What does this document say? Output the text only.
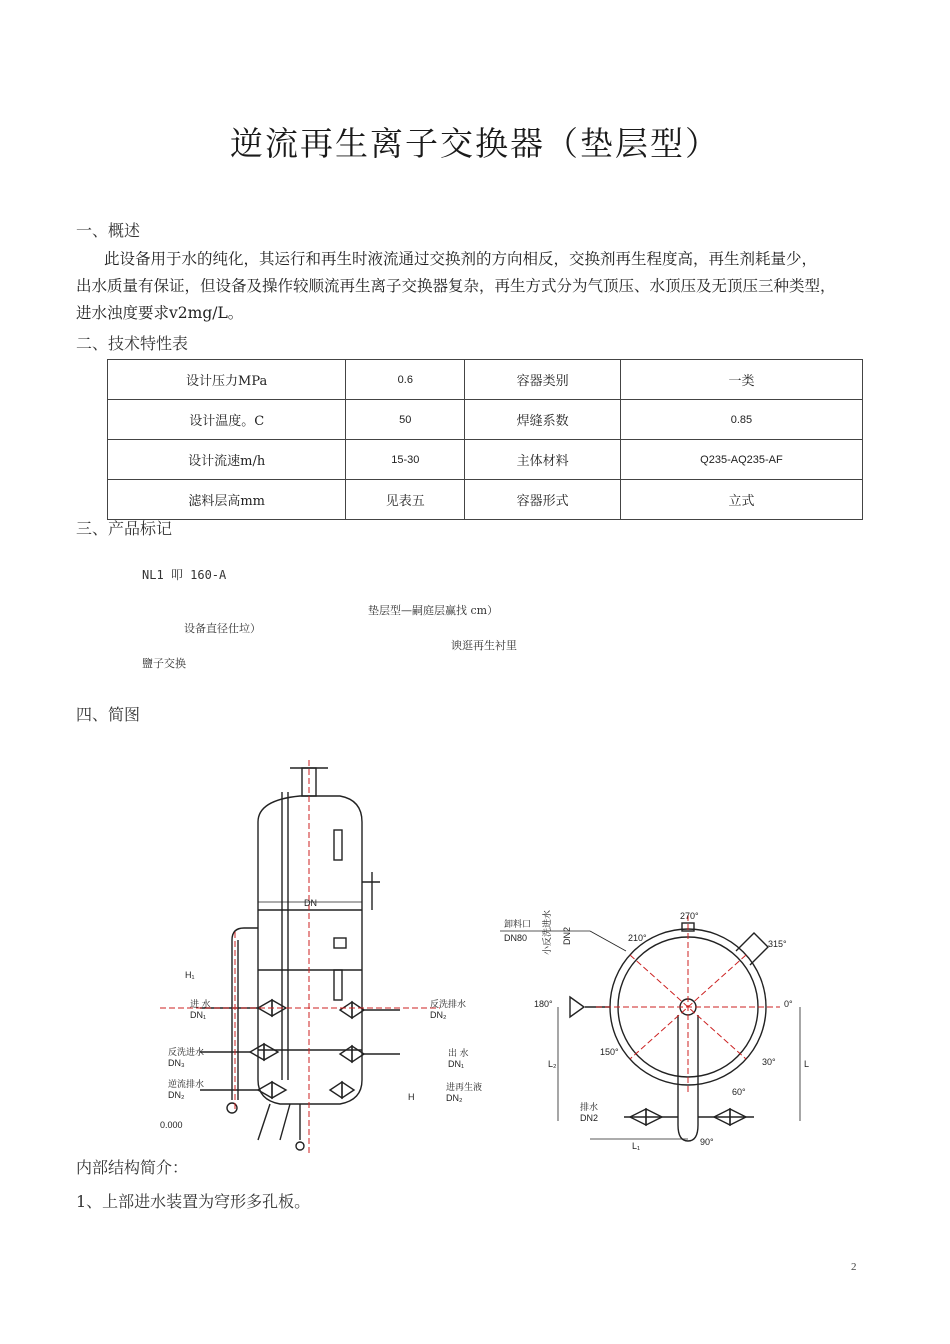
逆流再生离子交换器（垫层型）
一、概述
此设备用于水的纯化，其运行和再生时液流通过交换剂的方向相反，交换剂再生程度高，再生剂耗量少，
出水质量有保证，但设备及操作较顺流再生离子交换器复杂，再生方式分为气顶压、水顶压及无顶压三种类型，
进水浊度要求v2mg/L。
二、技术特性表
设计压力MPa	0.6	容器类别	一类
设计温度。C	50	焊缝系数	0.85
设计流速m/h	15-30	主体材料	Q235-AQ235-AF
滤料层高mm	见表五	容器形式	立式
三、产品标记
NL1 叩 160-A
垫层型—嗣庭层赢找 cm）
设备直径仕垃）
谀逛再生衬里
鹽子交换
四、简图
DN
H₁
进 水
DN₁
反洗进水
DN₃
逆流排水
DN₂
0.000
反洗排水
DN₂
出 水
DN₁
进再生液
DN₂
H
270°
210°
315°
180°	0°
150°
30°
60°
90°
卸料口
DN80 小反洗进水 DN2
排水
DN2
L
L₁
L₂
内部结构简介：
1、上部进水装置为穹形多孔板。
2
